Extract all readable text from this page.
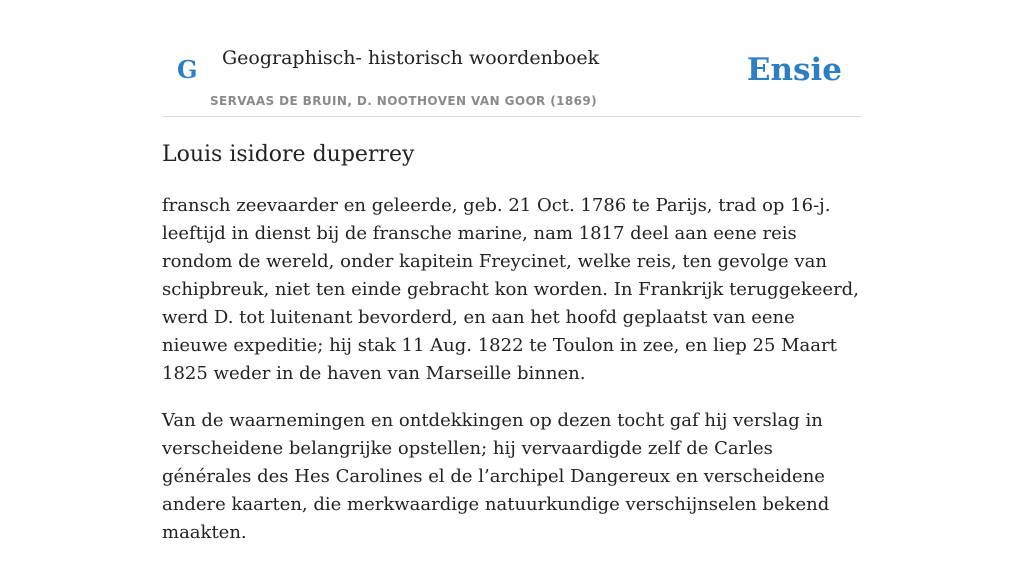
G Geographisch- historisch woordenboek
SERVAAS DE BRUIN, D. NOOTHOVEN VAN GOOR (1869)
Ensie
Louis isidore duperrey

fransch zeevaarder en geleerde, geb. 21 Oct. 1786 te Parijs, trad op 16-j. leeftijd in dienst bij de fransche marine, nam 1817 deel aan eene reis rondom de wereld, onder kapitein Freycinet, welke reis, ten gevolge van schipbreuk, niet ten einde gebracht kon worden. In Frankrijk teruggekeerd, werd D. tot luitenant bevorderd, en aan het hoofd geplaatst van eene nieuwe expeditie; hij stak 11 Aug. 1822 te Toulon in zee, en liep 25 Maart 1825 weder in de haven van Marseille binnen.

Van de waarnemingen en ontdekkingen op dezen tocht gaf hij verslag in verscheidene belangrijke opstellen; hij vervaardigde zelf de Carles générales des Hes Carolines el de l’archipel Dangereux en verscheidene andere kaarten, die merkwaardige natuurkundige verschijnselen bekend maakten.
